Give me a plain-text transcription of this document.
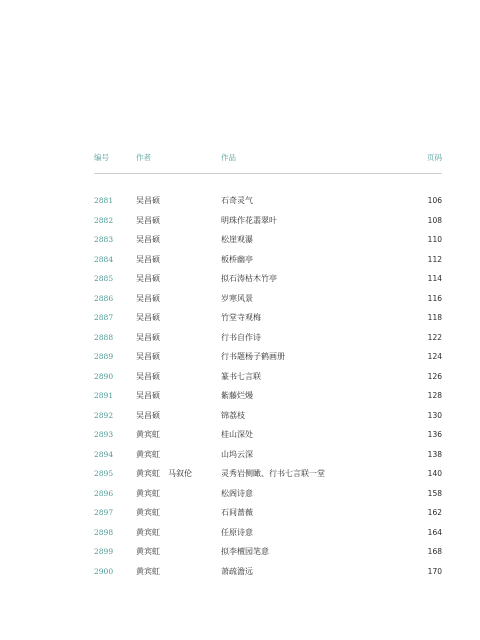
编号	作者	作品	页码
2881	吴昌硕	石奇灵气	106
2882	吴昌硕	明珠作花翡翠叶	108
2883	吴昌硕	松崖观瀑	110
2884	吴昌硕	板桥幽亭	112
2885	吴昌硕	拟石涛枯木竹亭	114
2886	吴昌硕	岁寒风景	116
2887	吴昌硕	竹堂寺观梅	118
2888	吴昌硕	行书自作诗	122
2889	吴昌硕	行书题杨子鹤画册	124
2890	吴昌硕	篆书七言联	126
2891	吴昌硕	紫藤烂熳	128
2892	吴昌硕	锦荔枝	130
2893	黄宾虹	桂山深处	136
2894	黄宾虹	山坞云深	138
2895	黄宾虹　马叙伦	灵秀岩侧瞰、行书七言联一堂	140
2896	黄宾虹	松阁诗意	158
2897	黄宾虹	石间蔷薇	162
2898	黄宾虹	任原诗意	164
2899	黄宾虹	拟李檀园笔意	168
2900	黄宾虹	萧疏澹远	170
